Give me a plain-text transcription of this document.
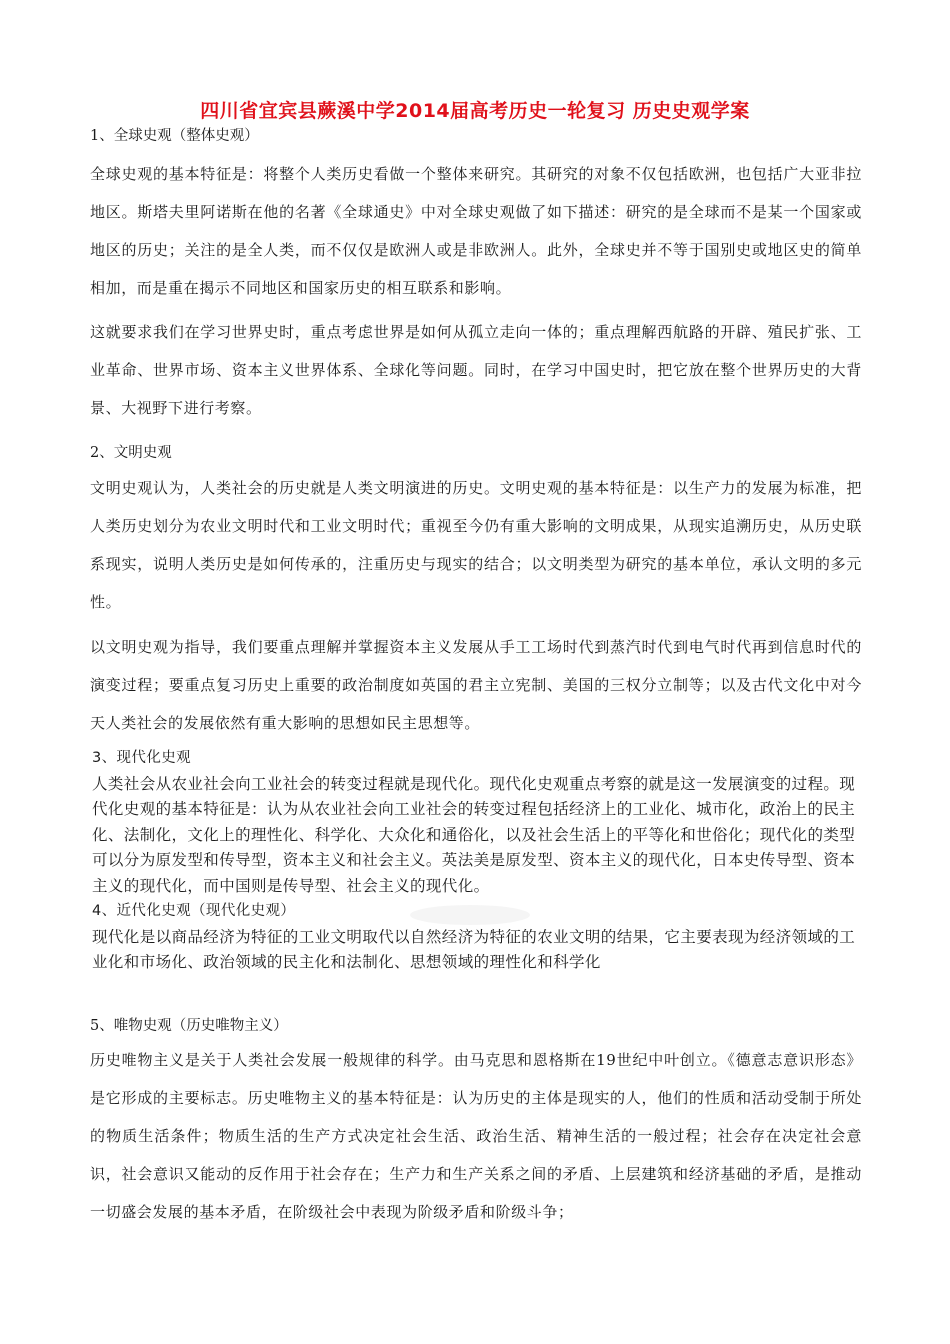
四川省宜宾县蕨溪中学2014届高考历史一轮复习 历史史观学案
1、全球史观（整体史观）
全球史观的基本特征是：将整个人类历史看做一个整体来研究。其研究的对象不仅包括欧洲，也包括广大亚非拉地区。斯塔夫里阿诺斯在他的名著《全球通史》中对全球史观做了如下描述：研究的是全球而不是某一个国家或地区的历史；关注的是全人类，而不仅仅是欧洲人或是非欧洲人。此外，全球史并不等于国别史或地区史的简单相加，而是重在揭示不同地区和国家历史的相互联系和影响。
这就要求我们在学习世界史时，重点考虑世界是如何从孤立走向一体的；重点理解西航路的开辟、殖民扩张、工业革命、世界市场、资本主义世界体系、全球化等问题。同时，在学习中国史时，把它放在整个世界历史的大背景、大视野下进行考察。
2、文明史观
文明史观认为，人类社会的历史就是人类文明演进的历史。文明史观的基本特征是：以生产力的发展为标准，把人类历史划分为农业文明时代和工业文明时代；重视至今仍有重大影响的文明成果，从现实追溯历史，从历史联系现实，说明人类历史是如何传承的，注重历史与现实的结合；以文明类型为研究的基本单位，承认文明的多元性。
以文明史观为指导，我们要重点理解并掌握资本主义发展从手工工场时代到蒸汽时代到电气时代再到信息时代的演变过程；要重点复习历史上重要的政治制度如英国的君主立宪制、美国的三权分立制等；以及古代文化中对今天人类社会的发展依然有重大影响的思想如民主思想等。
3、现代化史观
人类社会从农业社会向工业社会的转变过程就是现代化。现代化史观重点考察的就是这一发展演变的过程。现代化史观的基本特征是：认为从农业社会向工业社会的转变过程包括经济上的工业化、城市化，政治上的民主化、法制化，文化上的理性化、科学化、大众化和通俗化，以及社会生活上的平等化和世俗化；现代化的类型可以分为原发型和传导型，资本主义和社会主义。英法美是原发型、资本主义的现代化，日本史传导型、资本主义的现代化，而中国则是传导型、社会主义的现代化。
4、近代化史观（现代化史观）
现代化是以商品经济为特征的工业文明取代以自然经济为特征的农业文明的结果，它主要表现为经济领域的工业化和市场化、政治领域的民主化和法制化、思想领域的理性化和科学化
5、唯物史观（历史唯物主义）
历史唯物主义是关于人类社会发展一般规律的科学。由马克思和恩格斯在19世纪中叶创立。《德意志意识形态》是它形成的主要标志。历史唯物主义的基本特征是：认为历史的主体是现实的人，他们的性质和活动受制于所处的物质生活条件；物质生活的生产方式决定社会生活、政治生活、精神生活的一般过程；社会存在决定社会意识，社会意识又能动的反作用于社会存在；生产力和生产关系之间的矛盾、上层建筑和经济基础的矛盾，是推动一切盛会发展的基本矛盾，在阶级社会中表现为阶级矛盾和阶级斗争；
